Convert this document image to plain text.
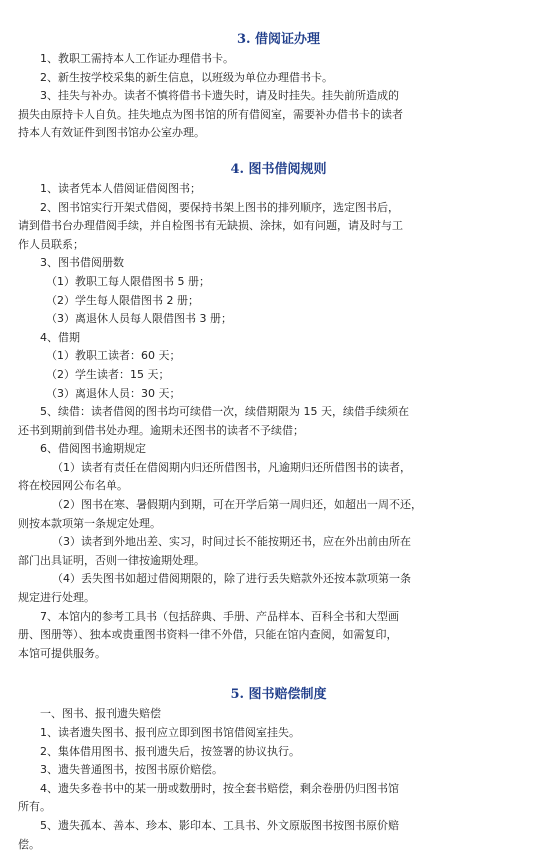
3. 借阅证办理

1、教职工需持本人工作证办理借书卡。

2、新生按学校采集的新生信息，以班级为单位办理借书卡。

3、挂失与补办。读者不慎将借书卡遗失时，请及时挂失。挂失前所造成的

损失由原持卡人自负。挂失地点为图书馆的所有借阅室，需要补办借书卡的读者

持本人有效证件到图书馆办公室办理。

4. 图书借阅规则

1、读者凭本人借阅证借阅图书；

2、图书馆实行开架式借阅，要保持书架上图书的排列顺序，选定图书后，

请到借书台办理借阅手续，并自检图书有无缺损、涂抹，如有问题，请及时与工

作人员联系；

3、图书借阅册数

（1）教职工每人限借图书 5 册；

（2）学生每人限借图书 2 册；

（3）离退休人员每人限借图书 3 册；

4、借期

（1）教职工读者：60 天；

（2）学生读者：15 天；

（3）离退休人员：30 天；

5、续借：读者借阅的图书均可续借一次，续借期限为 15 天，续借手续须在

还书到期前到借书处办理。逾期未还图书的读者不予续借；

6、借阅图书逾期规定

（1）读者有责任在借阅期内归还所借图书，凡逾期归还所借图书的读者，

将在校园网公布名单。

（2）图书在寒、暑假期内到期，可在开学后第一周归还，如超出一周不还，

则按本款项第一条规定处理。

（3）读者到外地出差、实习，时间过长不能按期还书，应在外出前由所在

部门出具证明，否则一律按逾期处理。

（4）丢失图书如超过借阅期限的，除了进行丢失赔款外还按本款项第一条

规定进行处理。

7、本馆内的参考工具书（包括辞典、手册、产品样本、百科全书和大型画

册、图册等）、独本或贵重图书资料一律不外借，只能在馆内查阅，如需复印，

本馆可提供服务。

5. 图书赔偿制度

一、图书、报刊遗失赔偿

1、读者遗失图书、报刊应立即到图书馆借阅室挂失。

2、集体借用图书、报刊遗失后，按签署的协议执行。

3、遗失普通图书，按图书原价赔偿。

4、遗失多卷书中的某一册或数册时，按全套书赔偿，剩余卷册仍归图书馆

所有。

5、遗失孤本、善本、珍本、影印本、工具书、外文原版图书按图书原价赔

偿。
